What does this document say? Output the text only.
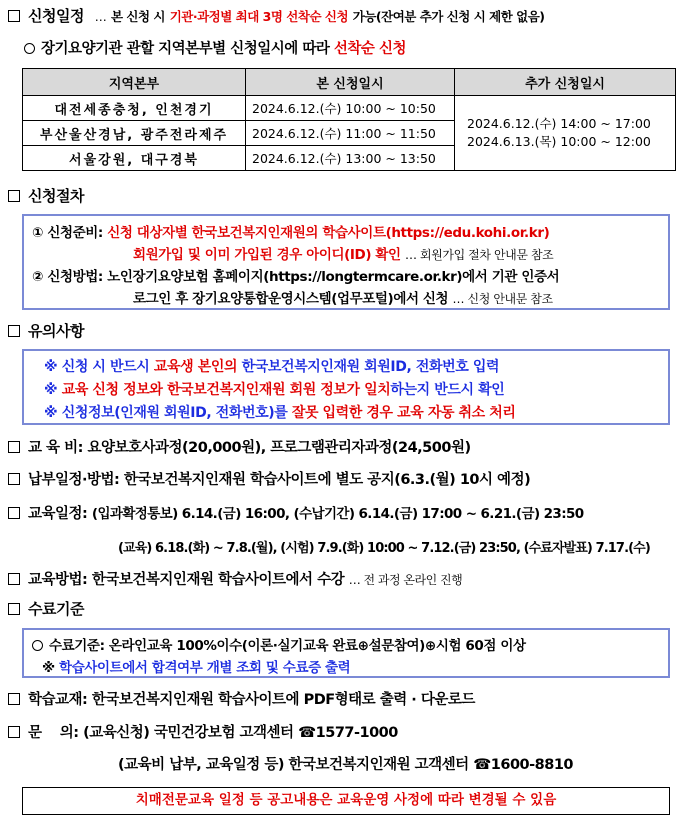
신청일정 … 본 신청 시 기관·과정별 최대 3명 선착순 신청 가능(잔여분 추가 신청 시 제한 없음)
장기요양기관 관할 지역본부별 신청일시에 따라 선착순 신청
지역본부	본 신청일시	추가 신청일시
대전세종충청, 인천경기	2024.6.12.(수) 10:00 ~ 10:50	2024.6.12.(수) 14:00 ~ 17:00
2024.6.13.(목) 10:00 ~ 12:00

부산울산경남, 광주전라제주	2024.6.12.(수) 11:00 ~ 11:50	
서울강원, 대구경북	2024.6.12.(수) 13:00 ~ 13:50	
신청절차
① 신청준비: 신청 대상자별 한국보건복지인재원의 학습사이트(https://edu.kohi.or.kr)
회원가입 및 이미 가입된 경우 아이디(ID) 확인 … 회원가입 절차 안내문 참조
② 신청방법: 노인장기요양보험 홈페이지(https://longtermcare.or.kr)에서 기관 인증서
로그인 후 장기요양통합운영시스템(업무포털)에서 신청 … 신청 안내문 참조
유의사항
※ 신청 시 반드시 교육생 본인의 한국보건복지인재원 회원ID, 전화번호 입력
※ 교육 신청 정보와 한국보건복지인재원 회원 정보가 일치하는지 반드시 확인
※ 신청정보(인재원 회원ID, 전화번호)를 잘못 입력한 경우 교육 자동 취소 처리
교 육 비: 요양보호사과정(20,000원), 프로그램관리자과정(24,500원)
납부일정·방법: 한국보건복지인재원 학습사이트에 별도 공지(6.3.(월) 10시 예정)
교육일정: (입과확정통보) 6.14.(금) 16:00, (수납기간) 6.14.(금) 17:00 ~ 6.21.(금) 23:50
(교육) 6.18.(화) ~ 7.8.(월), (시험) 7.9.(화) 10:00 ~ 7.12.(금) 23:50, (수료자발표) 7.17.(수)
교육방법: 한국보건복지인재원 학습사이트에서 수강 … 전 과정 온라인 진행
수료기준
수료기준: 온라인교육 100%이수(이론·실기교육 완료⊕설문참여)⊕시험 60점 이상
※ 학습사이트에서 합격여부 개별 조회 및 수료증 출력
학습교재: 한국보건복지인재원 학습사이트에 PDF형태로 출력 · 다운로드
문    의: (교육신청) 국민건강보험 고객센터 ☎1577-1000
(교육비 납부, 교육일정 등) 한국보건복지인재원 고객센터 ☎1600-8810
치매전문교육 일정 등 공고내용은 교육운영 사정에 따라 변경될 수 있음
